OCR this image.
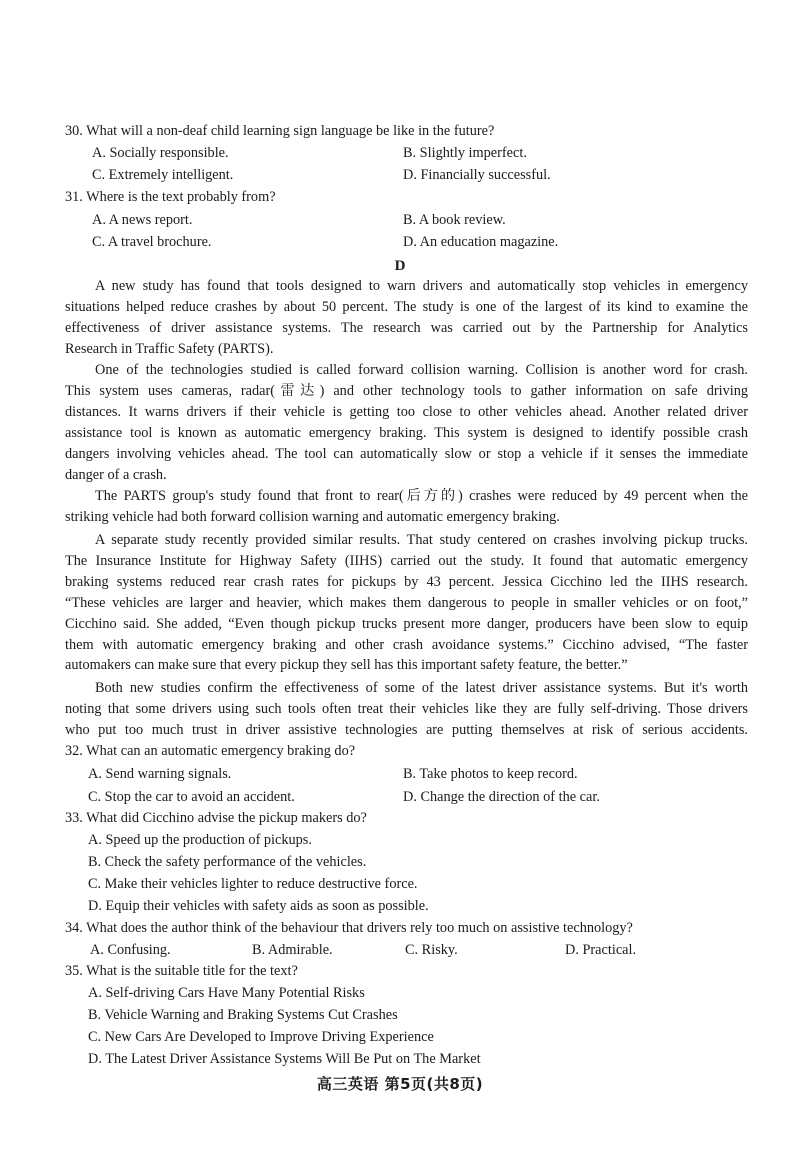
30. What will a non-deaf child learning sign language be like in the future?
A. Socially responsible.	B. Slightly imperfect.
C. Extremely intelligent.	D. Financially successful.
31. Where is the text probably from?
A. A news report.	B. A book review.
C. A travel brochure.	D. An education magazine.
D
A new study has found that tools designed to warn drivers and automatically stop vehicles in emergency
situations helped reduce crashes by about 50 percent. The study is one of the largest of its kind to examine the
effectiveness of driver assistance systems. The research was carried out by the Partnership for Analytics
Research in Traffic Safety (PARTS).
One of the technologies studied is called forward collision warning. Collision is another word for crash.
This system uses cameras, radar(雷达) and other technology tools to gather information on safe driving
distances. It warns drivers if their vehicle is getting too close to other vehicles ahead. Another related driver
assistance tool is known as automatic emergency braking. This system is designed to identify possible crash
dangers involving vehicles ahead. The tool can automatically slow or stop a vehicle if it senses the immediate
danger of a crash.
The PARTS group's study found that front to rear(后方的) crashes were reduced by 49 percent when the
striking vehicle had both forward collision warning and automatic emergency braking.
A separate study recently provided similar results. That study centered on crashes involving pickup trucks.
The Insurance Institute for Highway Safety (IIHS) carried out the study. It found that automatic emergency
braking systems reduced rear crash rates for pickups by 43 percent. Jessica Cicchino led the IIHS research.
“These vehicles are larger and heavier, which makes them dangerous to people in smaller vehicles or on foot,”
Cicchino said. She added, “Even though pickup trucks present more danger, producers have been slow to equip
them with automatic emergency braking and other crash avoidance systems.” Cicchino advised, “The faster
automakers can make sure that every pickup they sell has this important safety feature, the better.”
Both new studies confirm the effectiveness of some of the latest driver assistance systems. But it's worth
noting that some drivers using such tools often treat their vehicles like they are fully self-driving. Those drivers
who put too much trust in driver assistive technologies are putting themselves at risk of serious accidents.
32. What can an automatic emergency braking do?
A. Send warning signals.	B. Take photos to keep record.
C. Stop the car to avoid an accident.	D. Change the direction of the car.
33. What did Cicchino advise the pickup makers do?
A. Speed up the production of pickups.
B. Check the safety performance of the vehicles.
C. Make their vehicles lighter to reduce destructive force.
D. Equip their vehicles with safety aids as soon as possible.
34. What does the author think of the behaviour that drivers rely too much on assistive technology?
A. Confusing.	B. Admirable.	C. Risky.	D. Practical.
35. What is the suitable title for the text?
A. Self-driving Cars Have Many Potential Risks
B. Vehicle Warning and Braking Systems Cut Crashes
C. New Cars Are Developed to Improve Driving Experience
D. The Latest Driver Assistance Systems Will Be Put on The Market
高三英语 第5页(共8页)
